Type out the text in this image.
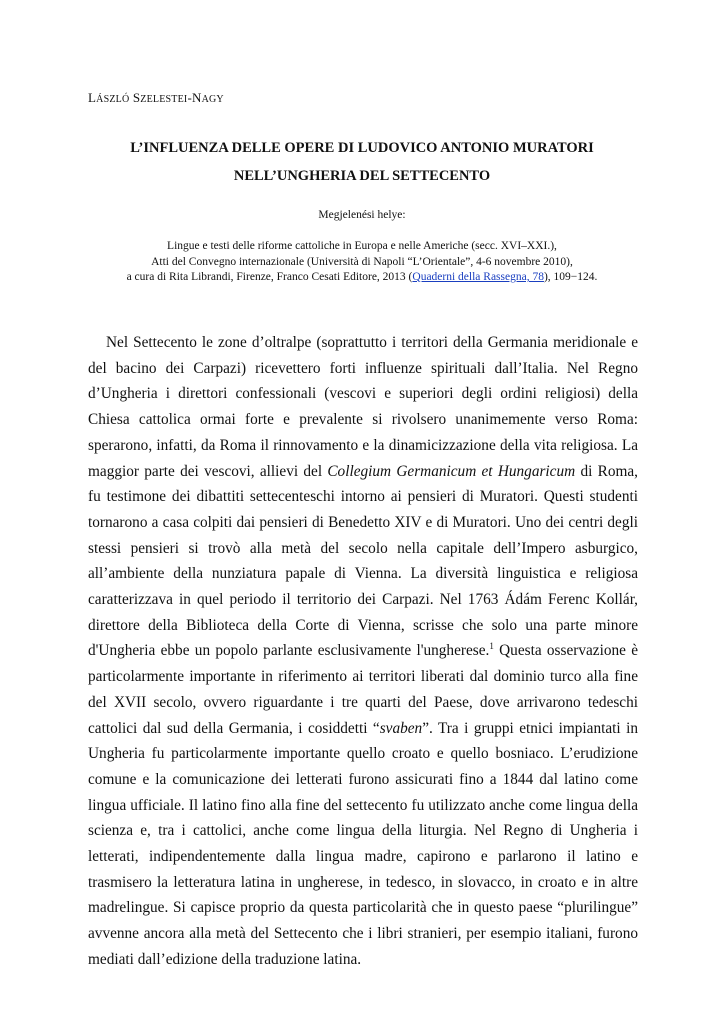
LÁSZLÓ SZELESTEI-NAGY
L’INFLUENZA DELLE OPERE DI LUDOVICO ANTONIO MURATORI
NELL’UNGHERIA DEL SETTECENTO
Megjelenési helye:
Lingue e testi delle riforme cattoliche in Europa e nelle Americhe (secc. XVI–XXI.),
Atti del Convegno internazionale (Università di Napoli “L’Orientale”, 4-6 novembre 2010),
a cura di Rita Librandi, Firenze, Franco Cesati Editore, 2013 (Quaderni della Rassegna, 78), 109−124.

Nel Settecento le zone d’oltralpe (soprattutto i territori della Germania meridionale e del bacino dei Carpazi) ricevettero forti influenze spirituali dall’Italia. Nel Regno d’Ungheria i direttori confessionali (vescovi e superiori degli ordini religiosi) della Chiesa cattolica ormai forte e prevalente si rivolsero unanimemente verso Roma: sperarono, infatti, da Roma il rinnovamento e la dinamicizzazione della vita religiosa. La maggior parte dei vescovi, allievi del Collegium Germanicum et Hungaricum di Roma, fu testimone dei dibattiti settecenteschi intorno ai pensieri di Muratori. Questi studenti tornarono a casa colpiti dai pensieri di Benedetto XIV e di Muratori. Uno dei centri degli stessi pensieri si trovò alla metà del secolo nella capitale dell’Impero asburgico, all’ambiente della nunziatura papale di Vienna. La diversità linguistica e religiosa caratterizzava in quel periodo il territorio dei Carpazi. Nel 1763 Ádám Ferenc Kollár, direttore della Biblioteca della Corte di Vienna, scrisse che solo una parte minore d'Ungheria ebbe un popolo parlante esclusivamente l'ungherese.$^1$ Questa osservazione è particolarmente importante in riferimento ai territori liberati dal dominio turco alla fine del XVII secolo, ovvero riguardante i tre quarti del Paese, dove arrivarono tedeschi cattolici dal sud della Germania, i cosiddetti “svaben”. Tra i gruppi etnici impiantati in Ungheria fu particolarmente importante quello croato e quello bosniaco. L’erudizione comune e la comunicazione dei letterati furono assicurati fino a 1844 dal latino come lingua ufficiale. Il latino fino alla fine del settecento fu utilizzato anche come lingua della scienza e, tra i cattolici, anche come lingua della liturgia. Nel Regno di Ungheria i letterati, indipendentemente dalla lingua madre, capirono e parlarono il latino e trasmisero la letteratura latina in ungherese, in tedesco, in slovacco, in croato e in altre madrelingue. Si capisce proprio da questa particolarità che in questo paese “plurilingue” avvenne ancora alla metà del Settecento che i libri stranieri, per esempio italiani, furono mediati dall’edizione della traduzione latina.
